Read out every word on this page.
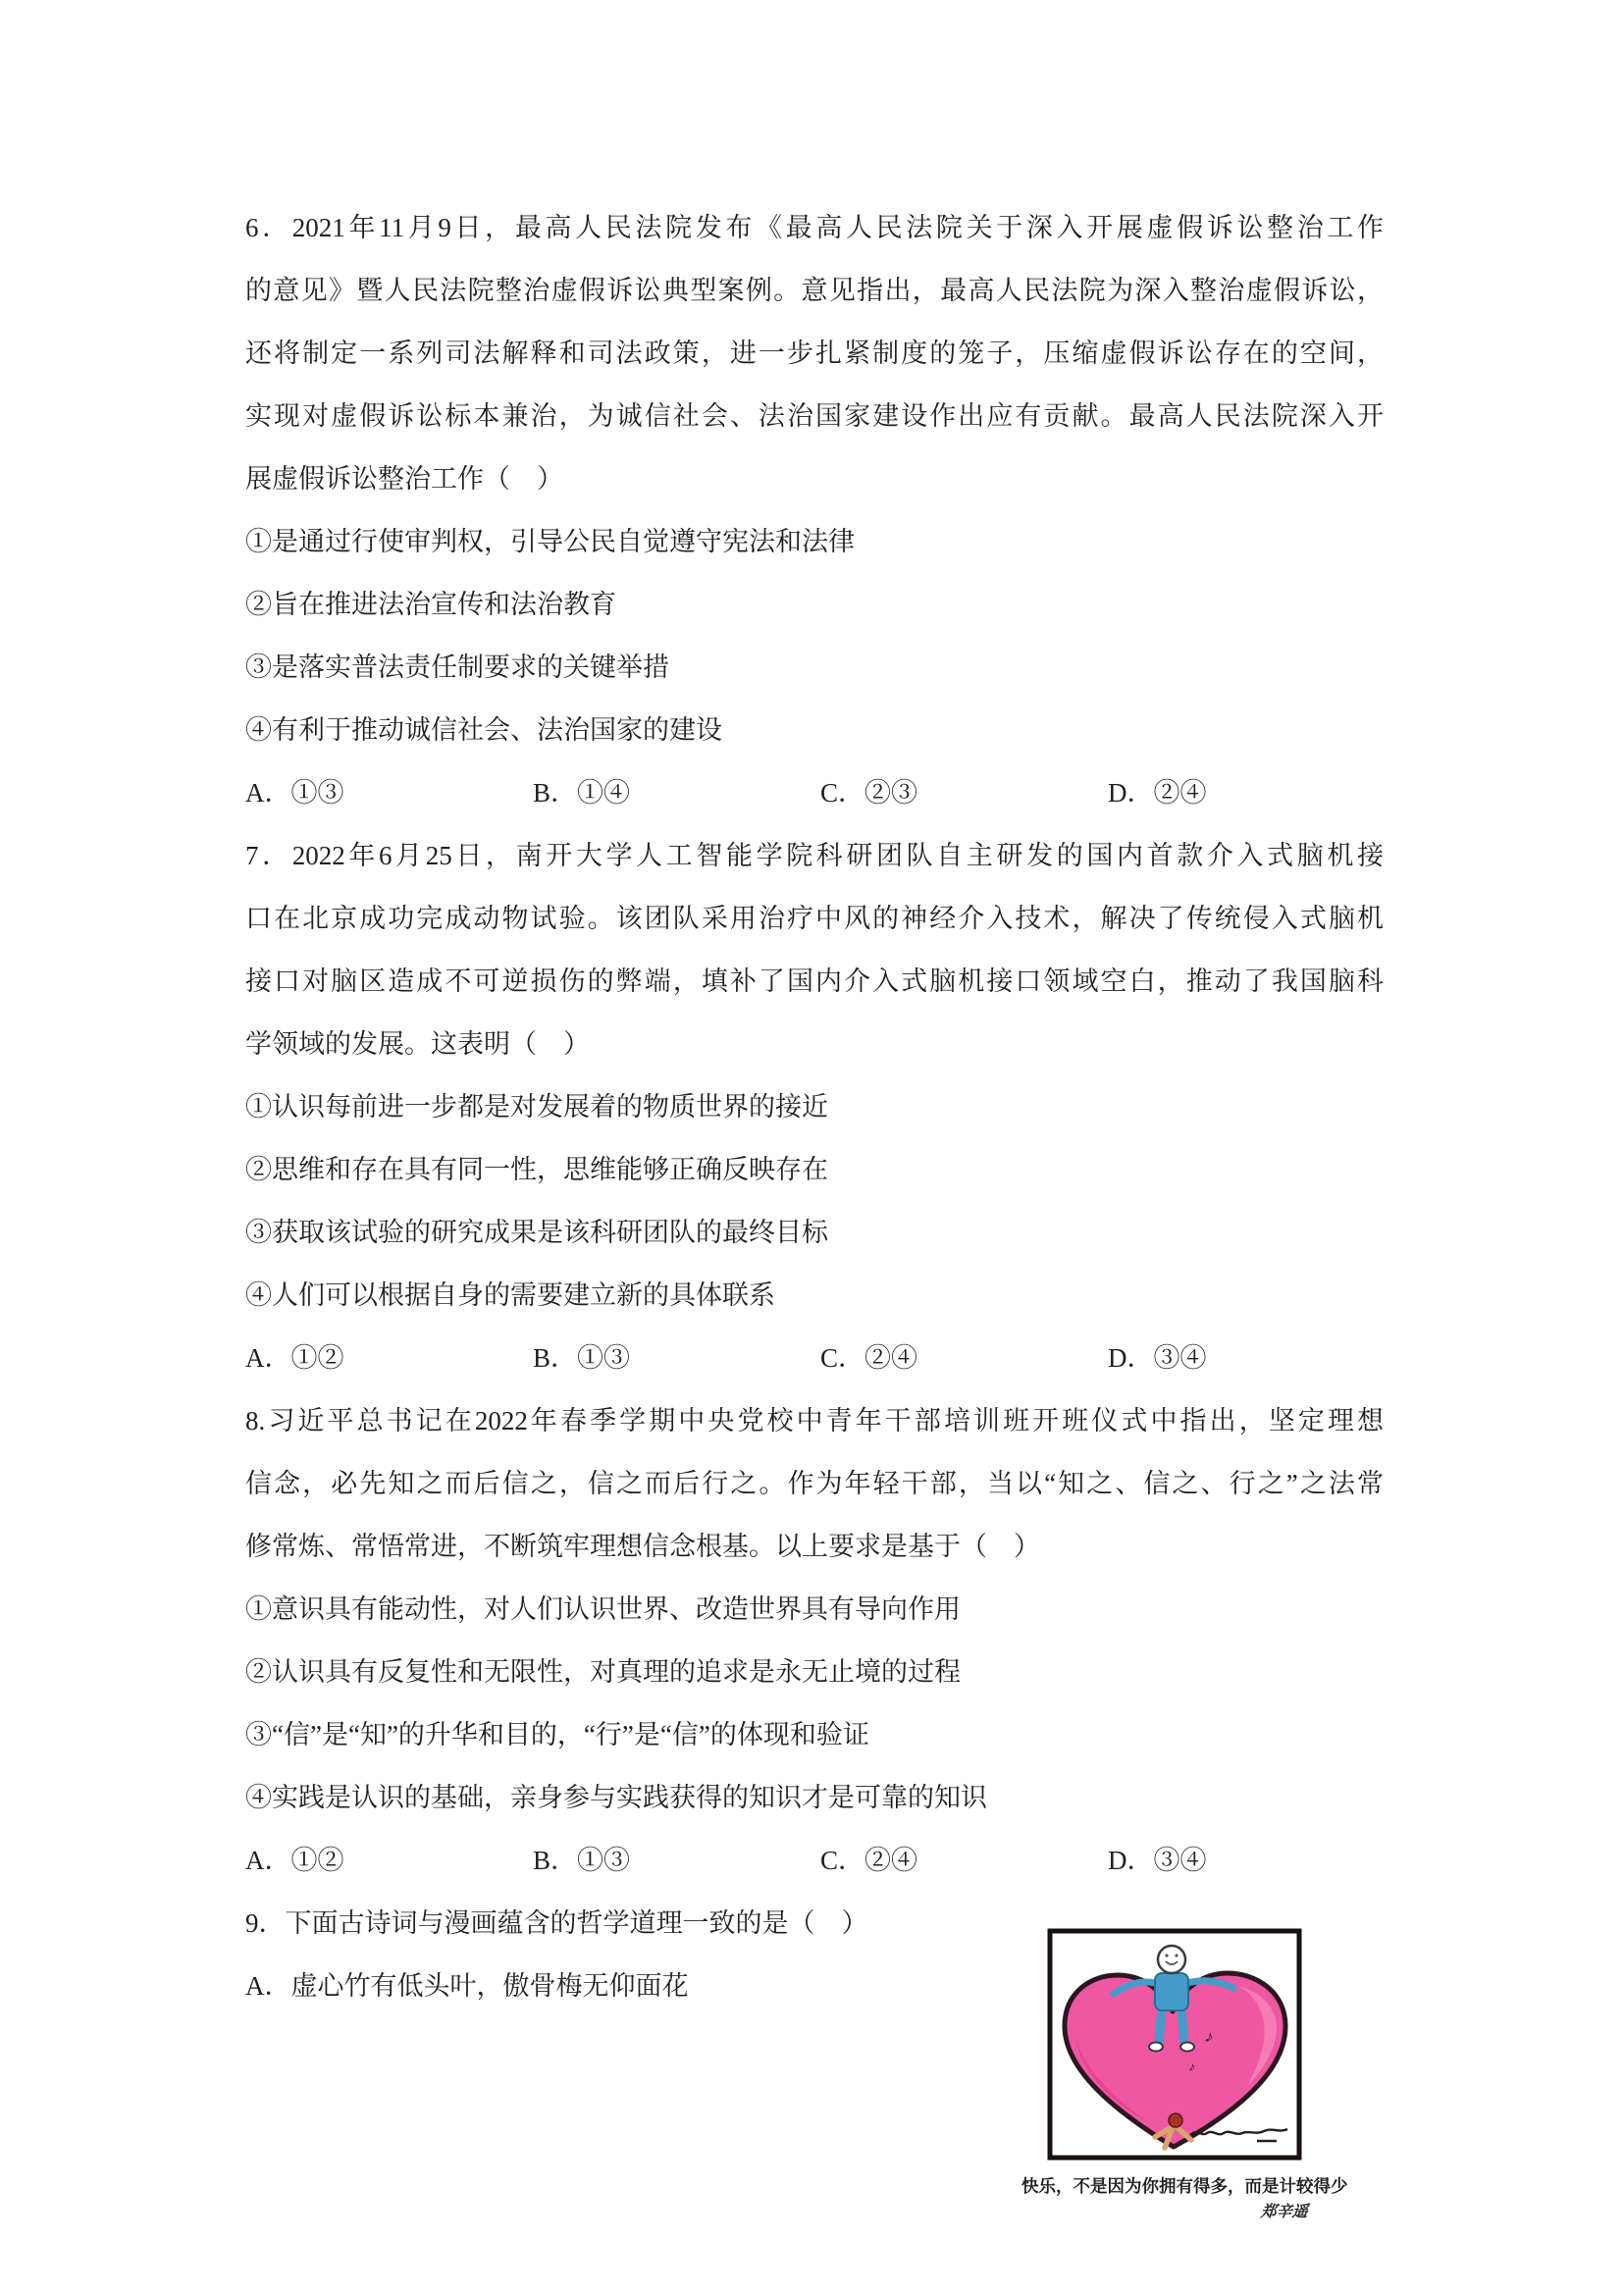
6．2021年11月9日，最高人民法院发布《最高人民法院关于深入开展虚假诉讼整治工作
的意见》暨人民法院整治虚假诉讼典型案例。意见指出，最高人民法院为深入整治虚假诉讼，
还将制定一系列司法解释和司法政策，进一步扎紧制度的笼子，压缩虚假诉讼存在的空间，
实现对虚假诉讼标本兼治，为诚信社会、法治国家建设作出应有贡献。最高人民法院深入开
展虚假诉讼整治工作（　）
①是通过行使审判权，引导公民自觉遵守宪法和法律
②旨在推进法治宣传和法治教育
③是落实普法责任制要求的关键举措
④有利于推动诚信社会、法治国家的建设
A．①③	B．①④	C．②③	D．②④
7．2022年6月25日，南开大学人工智能学院科研团队自主研发的国内首款介入式脑机接
口在北京成功完成动物试验。该团队采用治疗中风的神经介入技术，解决了传统侵入式脑机
接口对脑区造成不可逆损伤的弊端，填补了国内介入式脑机接口领域空白，推动了我国脑科
学领域的发展。这表明（　）
①认识每前进一步都是对发展着的物质世界的接近
②思维和存在具有同一性，思维能够正确反映存在
③获取该试验的研究成果是该科研团队的最终目标
④人们可以根据自身的需要建立新的具体联系
A．①②	B．①③	C．②④	D．③④
8.习近平总书记在2022年春季学期中央党校中青年干部培训班开班仪式中指出，坚定理想
信念，必先知之而后信之，信之而后行之。作为年轻干部，当以“知之、信之、行之”之法常
修常炼、常悟常进，不断筑牢理想信念根基。以上要求是基于（　）
①意识具有能动性，对人们认识世界、改造世界具有导向作用
②认识具有反复性和无限性，对真理的追求是永无止境的过程
③“信”是“知”的升华和目的，“行”是“信”的体现和验证
④实践是认识的基础，亲身参与实践获得的知识才是可靠的知识
A．①②	B．①③	C．②④	D．③④
9．下面古诗词与漫画蕴含的哲学道理一致的是（　）
A．虚心竹有低头叶，傲骨梅无仰面花
♪
♪
快乐，不是因为你拥有得多，而是计较得少
郑辛遥
